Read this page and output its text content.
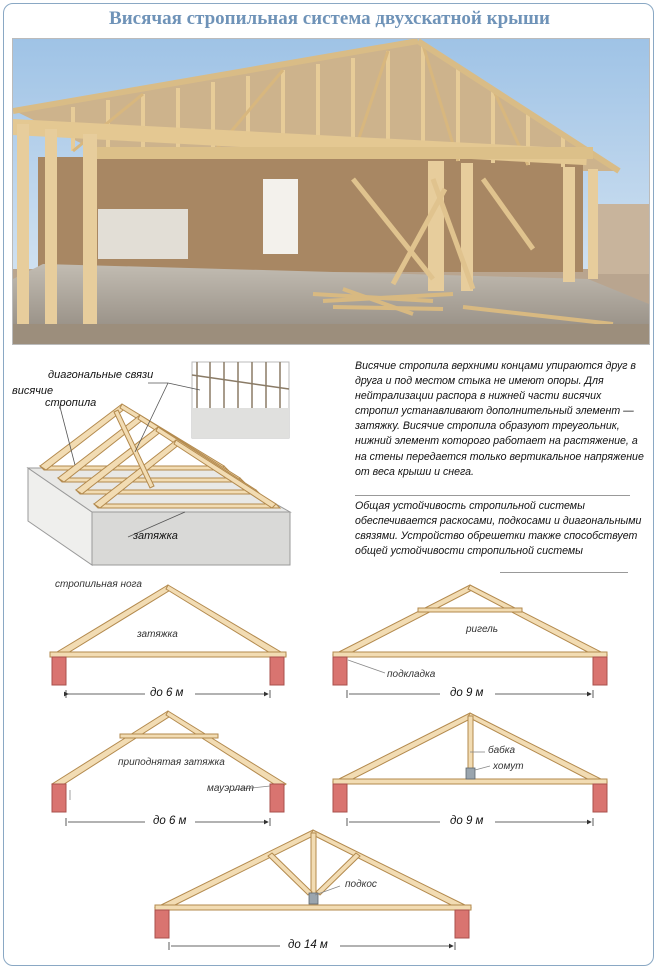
Висячая стропильная система двухскатной крыши
диагональные связи
висячие
стропила
затяжка
Висячие стропила верхними концами упираются друг в друга и под местом стыка не имеют опоры. Для нейтрализации распора в нижней части висячих стропил устанавливают дополнительный элемент — затяжку. Висячие стропила образуют треугольник, нижний элемент которого работает на растяжение, а на стены передается только вертикальное напряжение от веса крыши и снега.
Общая устойчивость стропильной системы обеспечивается раскосами, подкосами и диагональными связями. Устройство обрешетки также способствует общей устойчивости стропильной системы
стропильная нога
затяжка
до 6 м
ригель
подкладка
до 9 м
приподнятая затяжка
мауэрлат
до 6 м
бабка
хомут
до 9 м
подкос
до 14 м
